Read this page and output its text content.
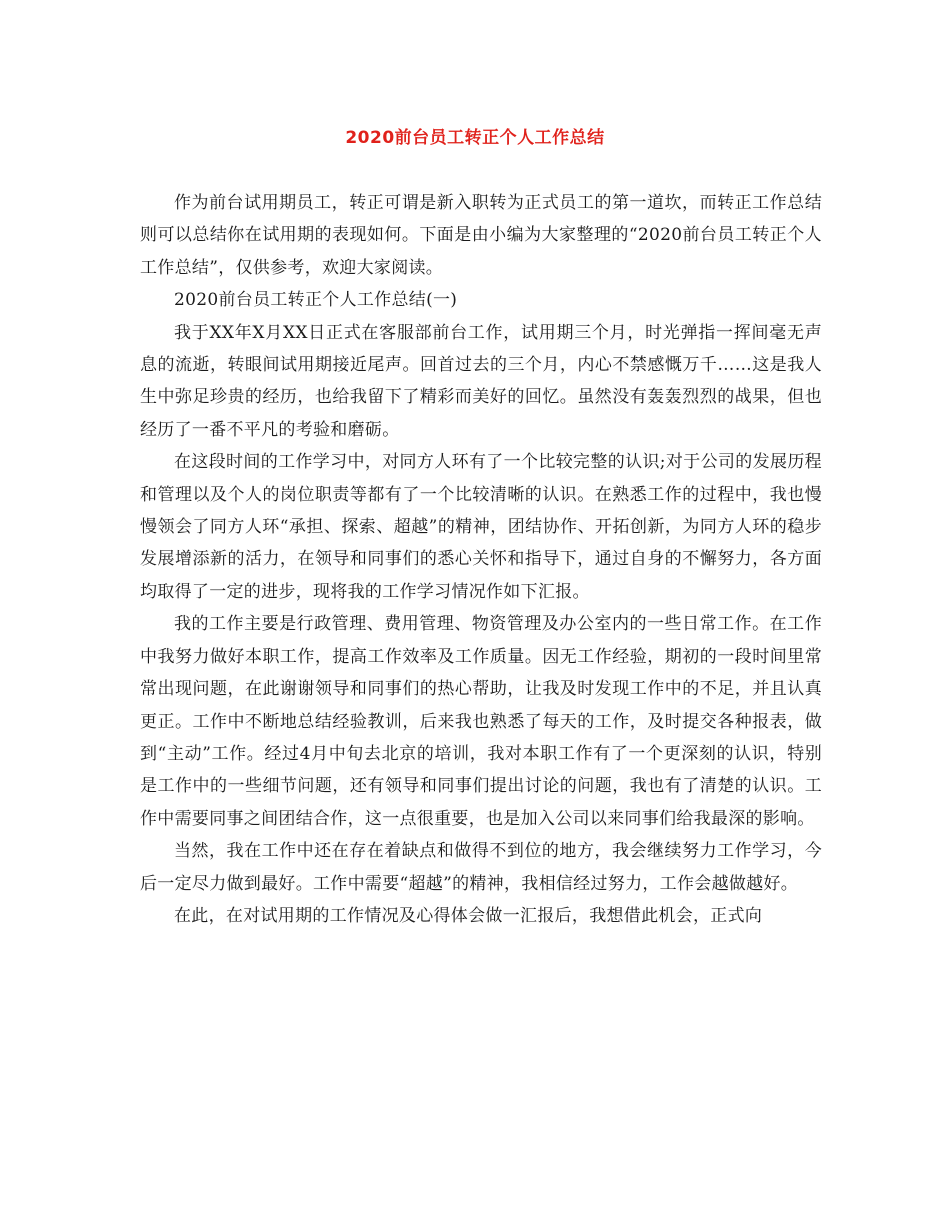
2020前台员工转正个人工作总结

作为前台试用期员工，转正可谓是新入职转为正式员工的第一道坎，而转正工作总结则可以总结你在试用期的表现如何。下面是由小编为大家整理的“2020前台员工转正个人工作总结”，仅供参考，欢迎大家阅读。

2020前台员工转正个人工作总结(一)

我于XX年X月XX日正式在客服部前台工作，试用期三个月，时光弹指一挥间毫无声息的流逝，转眼间试用期接近尾声。回首过去的三个月，内心不禁感慨万千……这是我人生中弥足珍贵的经历，也给我留下了精彩而美好的回忆。虽然没有轰轰烈烈的战果，但也经历了一番不平凡的考验和磨砺。

在这段时间的工作学习中，对同方人环有了一个比较完整的认识;对于公司的发展历程和管理以及个人的岗位职责等都有了一个比较清晰的认识。在熟悉工作的过程中，我也慢慢领会了同方人环“承担、探索、超越”的精神，团结协作、开拓创新，为同方人环的稳步发展增添新的活力，在领导和同事们的悉心关怀和指导下，通过自身的不懈努力，各方面均取得了一定的进步，现将我的工作学习情况作如下汇报。

我的工作主要是行政管理、费用管理、物资管理及办公室内的一些日常工作。在工作中我努力做好本职工作，提高工作效率及工作质量。因无工作经验，期初的一段时间里常常出现问题，在此谢谢领导和同事们的热心帮助，让我及时发现工作中的不足，并且认真更正。工作中不断地总结经验教训，后来我也熟悉了每天的工作，及时提交各种报表，做到“主动”工作。经过4月中旬去北京的培训，我对本职工作有了一个更深刻的认识，特别是工作中的一些细节问题，还有领导和同事们提出讨论的问题，我也有了清楚的认识。工作中需要同事之间团结合作，这一点很重要，也是加入公司以来同事们给我最深的影响。

当然，我在工作中还在存在着缺点和做得不到位的地方，我会继续努力工作学习，今后一定尽力做到最好。工作中需要“超越”的精神，我相信经过努力，工作会越做越好。

在此，在对试用期的工作情况及心得体会做一汇报后，我想借此机会，正式向
